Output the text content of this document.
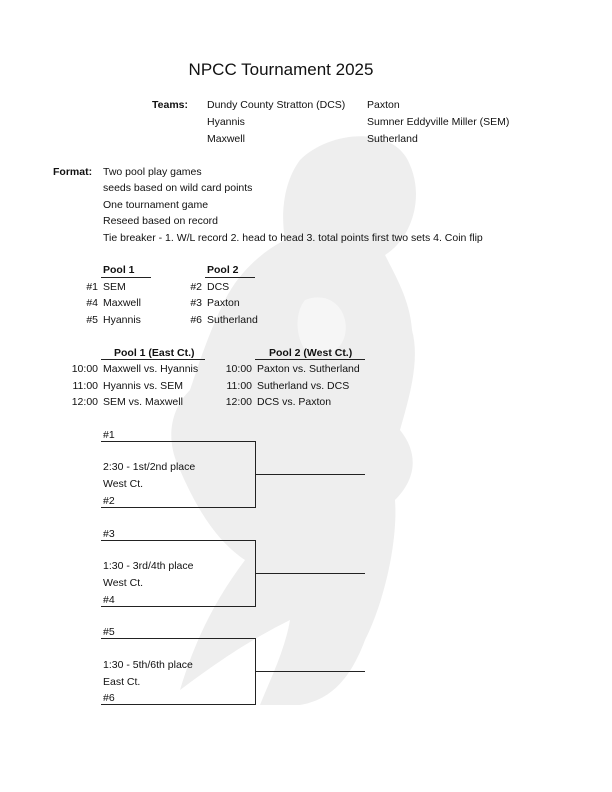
NPCC Tournament 2025
Teams: Dundy County Stratton (DCS)
Hyannis
Maxwell
Paxton
Sumner Eddyville Miller (SEM)
Sutherland
Format: Two pool play games
seeds based on wild card points
One tournament game
Reseed based on record
Tie breaker - 1. W/L record 2. head to head 3. total points first two sets 4. Coin flip
Pool 1	Pool 2
#1 SEM
#4 Maxwell
#5 Hyannis
#2 DCS
#3 Paxton
#6 Sutherland
Pool 1 (East Ct.)	Pool 2 (West Ct.)
10:00 Maxwell vs. Hyannis
11:00 Hyannis vs. SEM
12:00 SEM vs. Maxwell
10:00 Paxton vs. Sutherland
11:00 Sutherland vs. DCS
12:00 DCS vs. Paxton
#1
2:30 - 1st/2nd place
West Ct.
#2
#3
1:30 - 3rd/4th place
West Ct.
#4
#5
1:30 - 5th/6th place
East Ct.
#6
